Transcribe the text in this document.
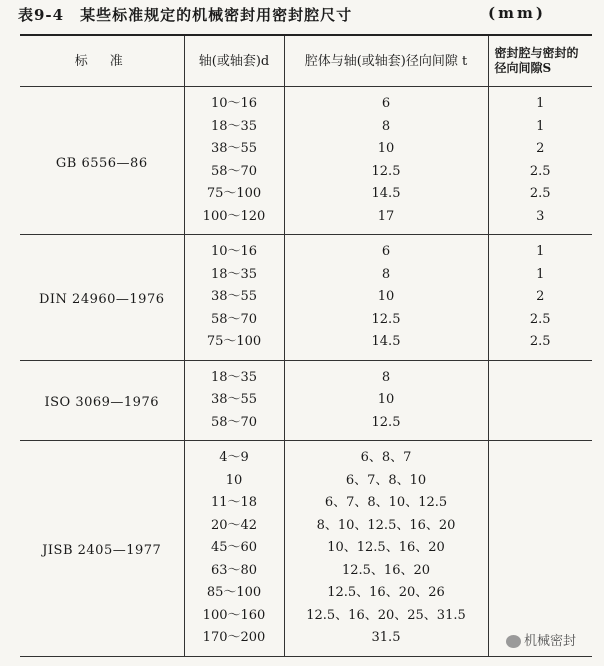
表9-4　某些标准规定的机械密封用密封腔尺寸	(mm)
标准	轴(或轴套)d	腔体与轴(或轴套)径向间隙 t	密封腔与密封的径向间隙S
GB 6556—86	10～16	6	1
	18～35	8	1
	38～55	10	2
	58～70	12.5	2.5
	75～100	14.5	2.5
	100～120	17	3
DIN 24960—1976	10～16	6	1
	18～35	8	1
	38～55	10	2
	58～70	12.5	2.5
	75～100	14.5	2.5
ISO 3069—1976	18～35	8	
	38～55	10	
	58～70	12.5	
JISB 2405—1977	4～9	6、8、7	
	10	6、7、8、10	
	11～18	6、7、8、10、12.5	
	20～42	8、10、12.5、16、20	
	45～60	10、12.5、16、20	
	63～80	12.5、16、20	
	85～100	12.5、16、20、26	
	100～160	12.5、16、20、25、31.5	
	170～200	31.5		机械密封
